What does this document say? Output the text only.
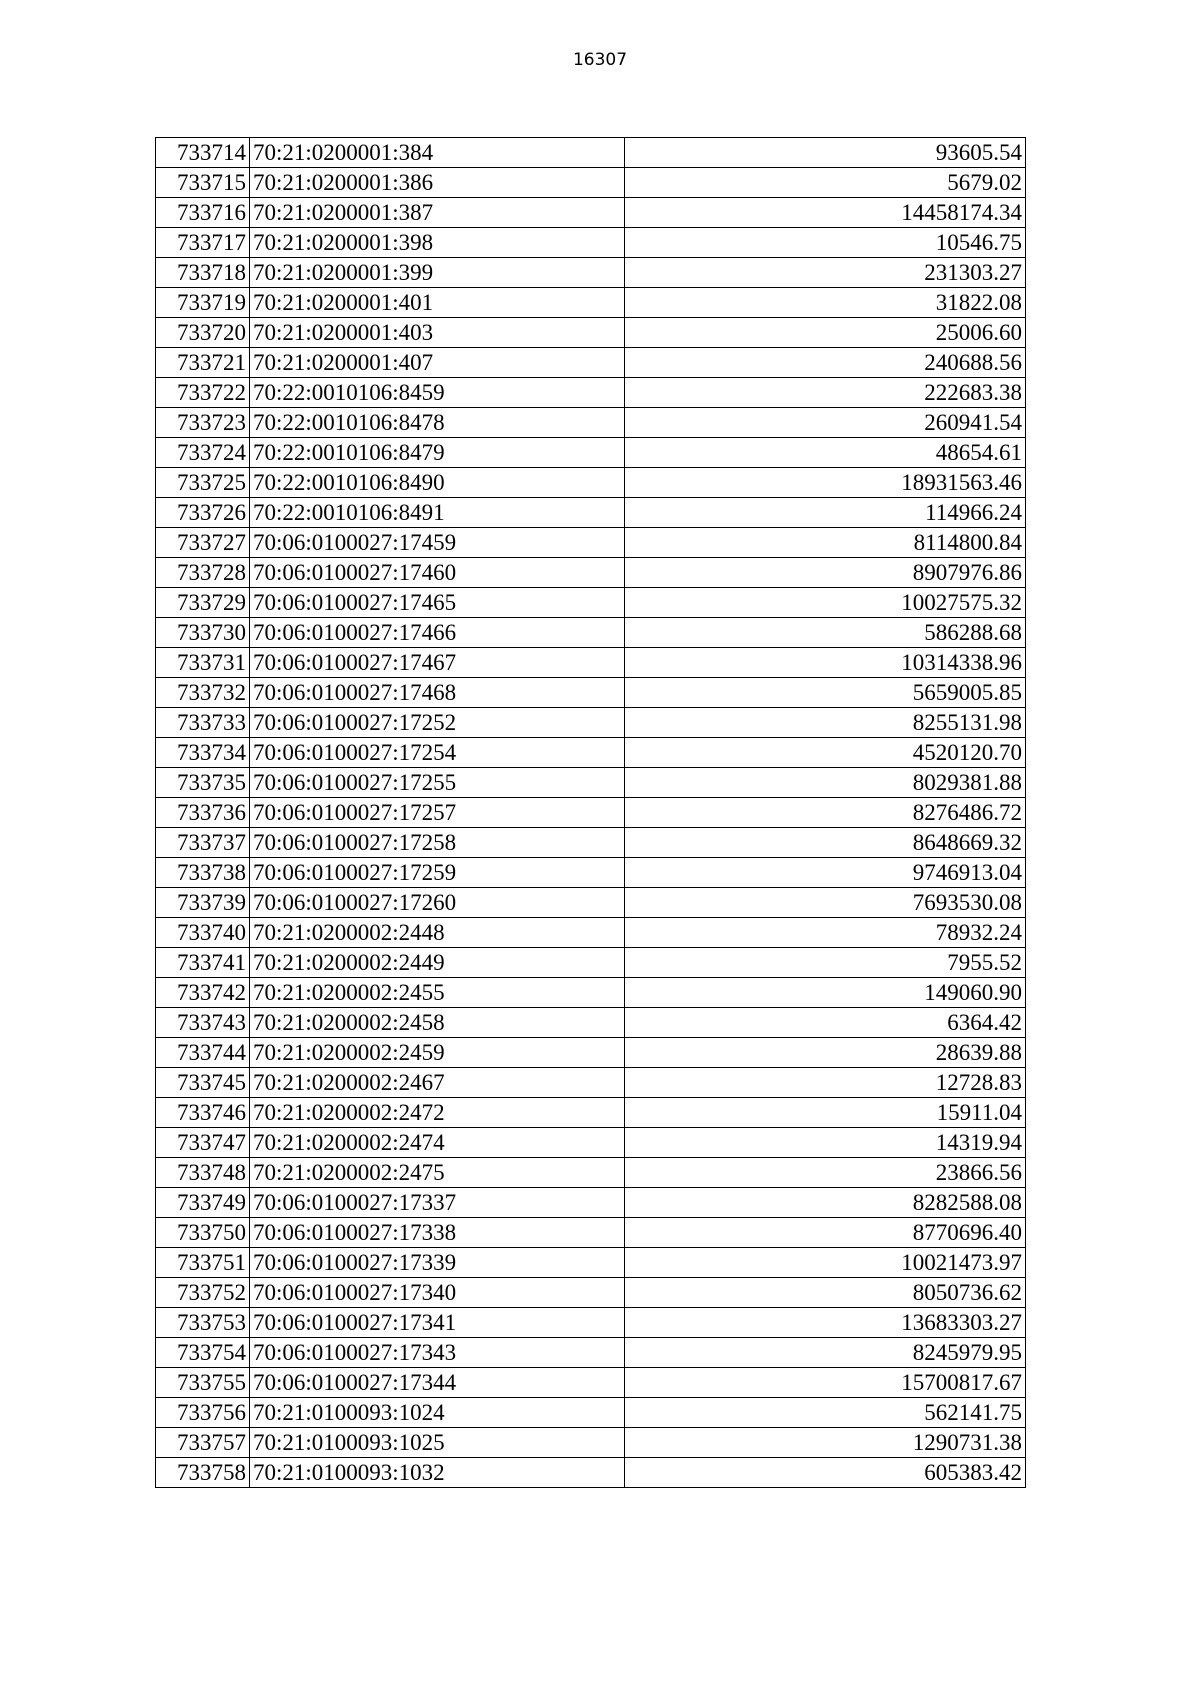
16307
733714	70:21:0200001:384	93605.54
733715	70:21:0200001:386	5679.02
733716	70:21:0200001:387	14458174.34
733717	70:21:0200001:398	10546.75
733718	70:21:0200001:399	231303.27
733719	70:21:0200001:401	31822.08
733720	70:21:0200001:403	25006.60
733721	70:21:0200001:407	240688.56
733722	70:22:0010106:8459	222683.38
733723	70:22:0010106:8478	260941.54
733724	70:22:0010106:8479	48654.61
733725	70:22:0010106:8490	18931563.46
733726	70:22:0010106:8491	114966.24
733727	70:06:0100027:17459	8114800.84
733728	70:06:0100027:17460	8907976.86
733729	70:06:0100027:17465	10027575.32
733730	70:06:0100027:17466	586288.68
733731	70:06:0100027:17467	10314338.96
733732	70:06:0100027:17468	5659005.85
733733	70:06:0100027:17252	8255131.98
733734	70:06:0100027:17254	4520120.70
733735	70:06:0100027:17255	8029381.88
733736	70:06:0100027:17257	8276486.72
733737	70:06:0100027:17258	8648669.32
733738	70:06:0100027:17259	9746913.04
733739	70:06:0100027:17260	7693530.08
733740	70:21:0200002:2448	78932.24
733741	70:21:0200002:2449	7955.52
733742	70:21:0200002:2455	149060.90
733743	70:21:0200002:2458	6364.42
733744	70:21:0200002:2459	28639.88
733745	70:21:0200002:2467	12728.83
733746	70:21:0200002:2472	15911.04
733747	70:21:0200002:2474	14319.94
733748	70:21:0200002:2475	23866.56
733749	70:06:0100027:17337	8282588.08
733750	70:06:0100027:17338	8770696.40
733751	70:06:0100027:17339	10021473.97
733752	70:06:0100027:17340	8050736.62
733753	70:06:0100027:17341	13683303.27
733754	70:06:0100027:17343	8245979.95
733755	70:06:0100027:17344	15700817.67
733756	70:21:0100093:1024	562141.75
733757	70:21:0100093:1025	1290731.38
733758	70:21:0100093:1032	605383.42
